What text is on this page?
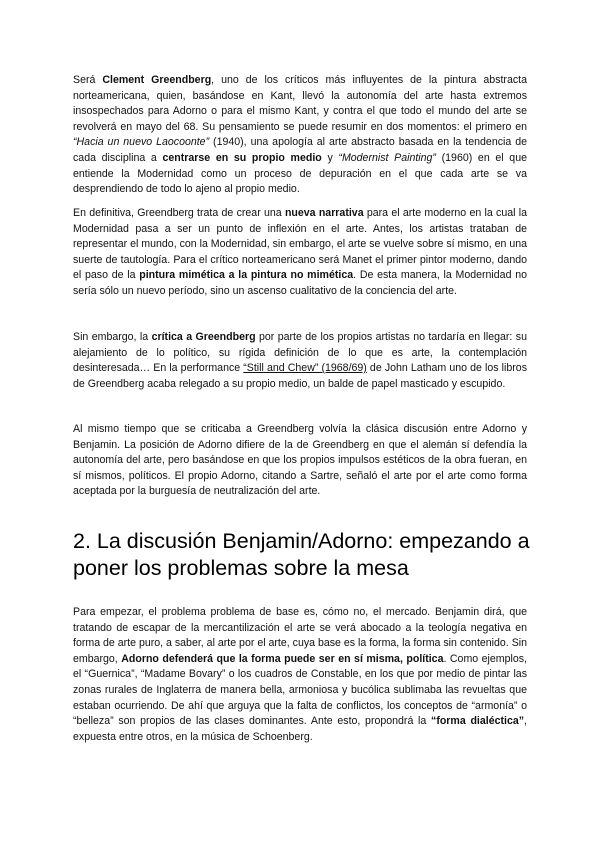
Será Clement Greendberg, uno de los críticos más influyentes de la pintura abstracta norteamericana, quien, basándose en Kant, llevó la autonomía del arte hasta extremos insospechados para Adorno o para el mismo Kant, y contra el que todo el mundo del arte se revolverá en mayo del 68. Su pensamiento se puede resumir en dos momentos: el primero en “Hacia un nuevo Laocoonte” (1940), una apología al arte abstracto basada en la tendencia de cada disciplina a centrarse en su propio medio y “Modernist Painting” (1960) en el que entiende la Modernidad como un proceso de depuración en el que cada arte se va desprendiendo de todo lo ajeno al propio medio.

En definitiva, Greendberg trata de crear una nueva narrativa para el arte moderno en la cual la Modernidad pasa a ser un punto de inflexión en el arte. Antes, los artistas trataban de representar el mundo, con la Modernidad, sin embargo, el arte se vuelve sobre sí mismo, en una suerte de tautología. Para el crítico norteamericano será Manet el primer pintor moderno, dando el paso de la pintura mimética a la pintura no mimética. De esta manera, la Modernidad no sería sólo un nuevo período, sino un ascenso cualitativo de la conciencia del arte.

Sin embargo, la crítica a Greendberg por parte de los propios artistas no tardaría en llegar: su alejamiento de lo político, su rígida definición de lo que es arte, la contemplación desinteresada… En la performance “Still and Chew” (1968/69) de John Latham uno de los libros de Greendberg acaba relegado a su propio medio, un balde de papel masticado y escupido.

Al mismo tiempo que se criticaba a Greendberg volvía la clásica discusión entre Adorno y Benjamin. La posición de Adorno difiere de la de Greendberg en que el alemán sí defendía la autonomía del arte, pero basándose en que los propios impulsos estéticos de la obra fueran, en sí mismos, políticos. El propio Adorno, citando a Sartre, señaló el arte por el arte como forma aceptada por la burguesía de neutralización del arte.

2. La discusión Benjamin/Adorno: empezando a poner los problemas sobre la mesa

Para empezar, el problema problema de base es, cómo no, el mercado. Benjamin dirá, que tratando de escapar de la mercantilización el arte se verá abocado a la teología negativa en forma de arte puro, a saber, al arte por el arte, cuya base es la forma, la forma sin contenido. Sin embargo, Adorno defenderá que la forma puede ser en sí misma, política. Como ejemplos, el “Guernica”, “Madame Bovary” o los cuadros de Constable, en los que por medio de pintar las zonas rurales de Inglaterra de manera bella, armoniosa y bucólica sublimaba las revueltas que estaban ocurriendo. De ahí que arguya que la falta de conflictos, los conceptos de “armonía” o “belleza” son propios de las clases dominantes. Ante esto, propondrá la “forma dialéctica”, expuesta entre otros, en la música de Schoenberg.
